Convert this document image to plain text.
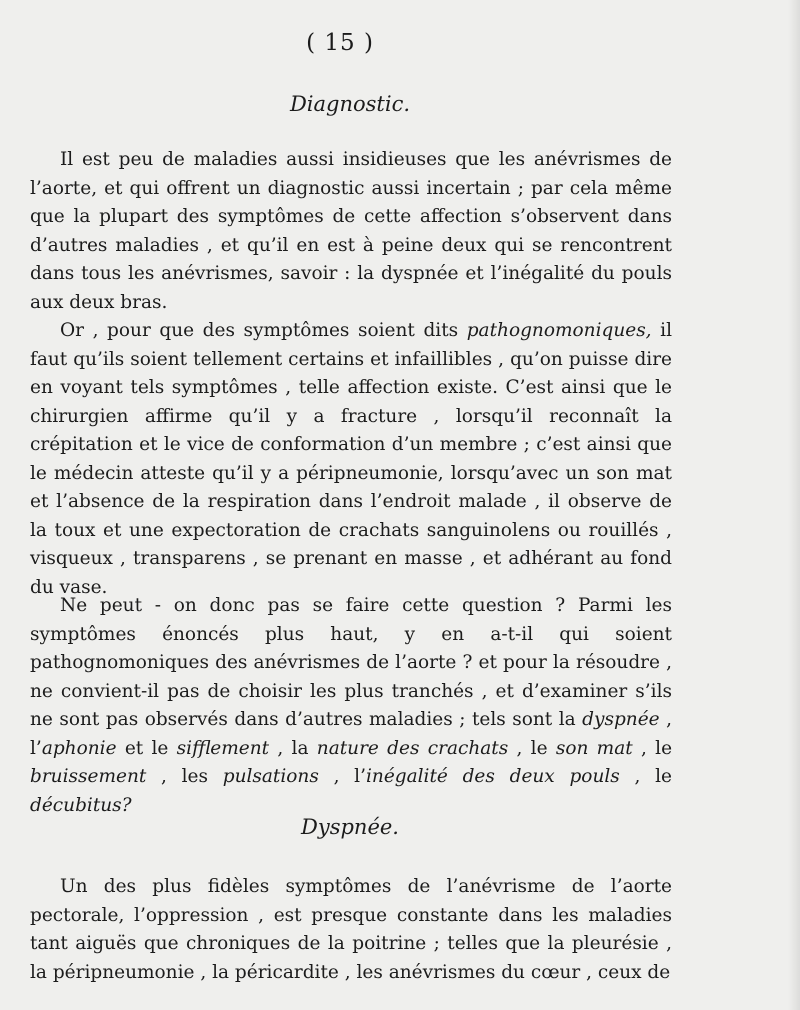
( 15 )
Diagnostic.
Il est peu de maladies aussi insidieuses que les anévrismes de l’aorte, et qui offrent un diagnostic aussi incertain ; par cela même que la plupart des symptômes de cette affection s’observent dans d’autres maladies , et qu’il en est à peine deux qui se rencontrent dans tous les anévrismes, savoir : la dyspnée et l’inégalité du pouls aux deux bras.
Or , pour que des symptômes soient dits pathognomoniques, il faut qu’ils soient tellement certains et infaillibles , qu’on puisse dire en voyant tels symptômes , telle affection existe. C’est ainsi que le chirurgien affirme qu’il y a fracture , lorsqu’il reconnaît la crépitation et le vice de conformation d’un membre ; c’est ainsi que le médecin atteste qu’il y a péripneumonie, lorsqu’avec un son mat et l’absence de la respiration dans l’endroit malade , il observe de la toux et une expectoration de crachats sanguinolens ou rouillés , visqueux , transparens , se prenant en masse , et adhérant au fond du vase.
Ne peut - on donc pas se faire cette question ? Parmi les symptômes énoncés plus haut, y en a-t-il qui soient pathognomoniques des anévrismes de l’aorte ? et pour la résoudre , ne convient-il pas de choisir les plus tranchés , et d’examiner s’ils ne sont pas observés dans d’autres maladies ; tels sont la dyspnée , l’aphonie et le sifflement , la nature des crachats , le son mat , le bruissement , les pulsations , l’inégalité des deux pouls , le décubitus?
Dyspnée.
Un des plus fidèles symptômes de l’anévrisme de l’aorte pectorale, l’oppression , est presque constante dans les maladies tant aiguës que chroniques de la poitrine ; telles que la pleurésie , la péripneumonie , la péricardite , les anévrismes du cœur , ceux de
